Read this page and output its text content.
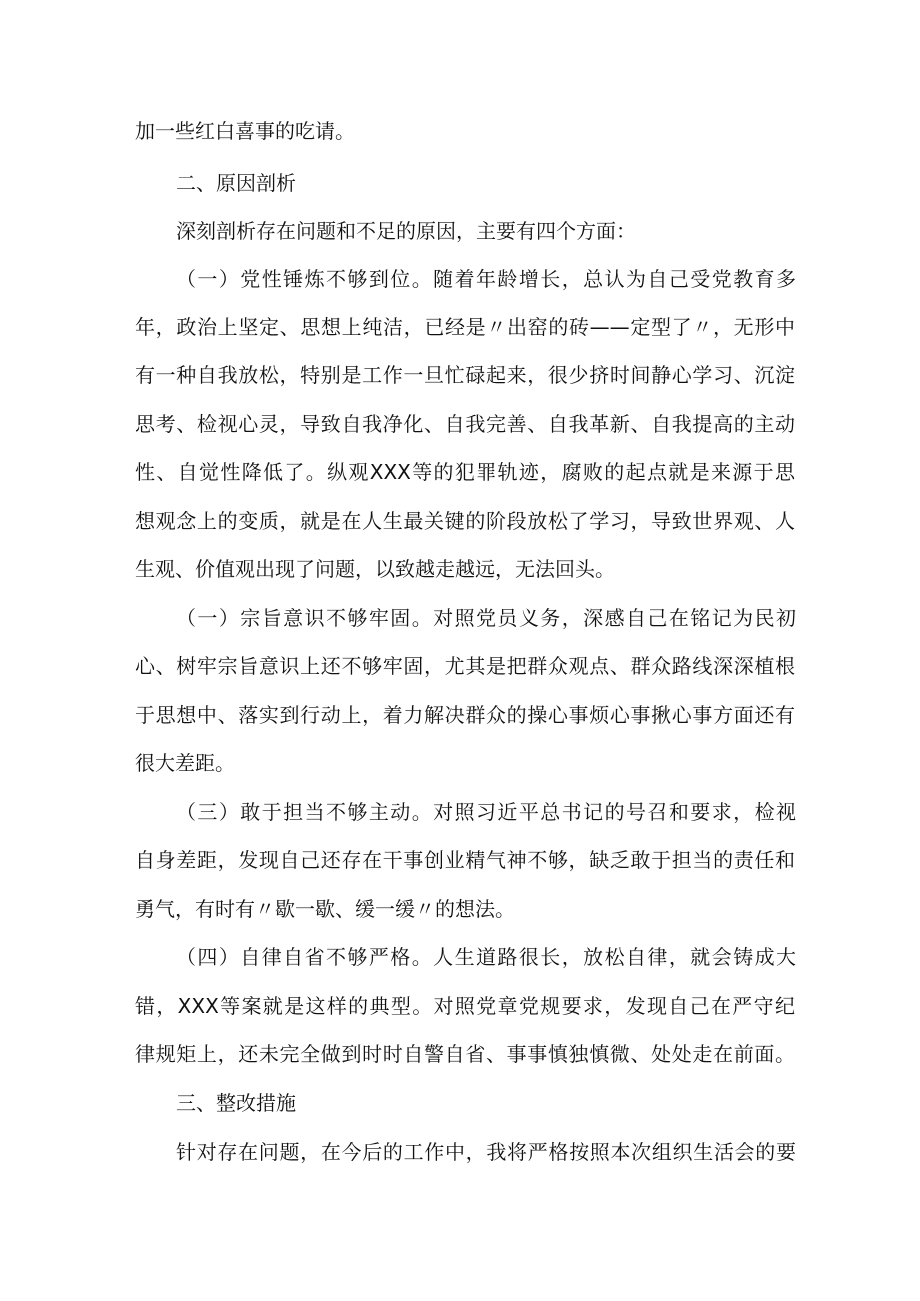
加一些红白喜事的吃请。
二、原因剖析
深刻剖析存在问题和不足的原因，主要有四个方面：
（一）党性锤炼不够到位。随着年龄增长，总认为自己受党教育多
年，政治上坚定、思想上纯洁，已经是〃出窑的砖——定型了〃，无形中
有一种自我放松，特别是工作一旦忙碌起来，很少挤时间静心学习、沉淀
思考、检视心灵，导致自我净化、自我完善、自我革新、自我提高的主动
性、自觉性降低了。纵观XXX等的犯罪轨迹，腐败的起点就是来源于思
想观念上的变质，就是在人生最关键的阶段放松了学习，导致世界观、人
生观、价值观出现了问题，以致越走越远，无法回头。
（一）宗旨意识不够牢固。对照党员义务，深感自己在铭记为民初
心、树牢宗旨意识上还不够牢固，尤其是把群众观点、群众路线深深植根
于思想中、落实到行动上，着力解决群众的操心事烦心事揪心事方面还有
很大差距。
（三）敢于担当不够主动。对照习近平总书记的号召和要求，检视
自身差距，发现自己还存在干事创业精气神不够，缺乏敢于担当的责任和
勇气，有时有〃歇一歇、缓一缓〃的想法。
（四）自律自省不够严格。人生道路很长，放松自律，就会铸成大
错，XXX等案就是这样的典型。对照党章党规要求，发现自己在严守纪
律规矩上，还未完全做到时时自警自省、事事慎独慎微、处处走在前面。
三、整改措施
针对存在问题，在今后的工作中，我将严格按照本次组织生活会的要
